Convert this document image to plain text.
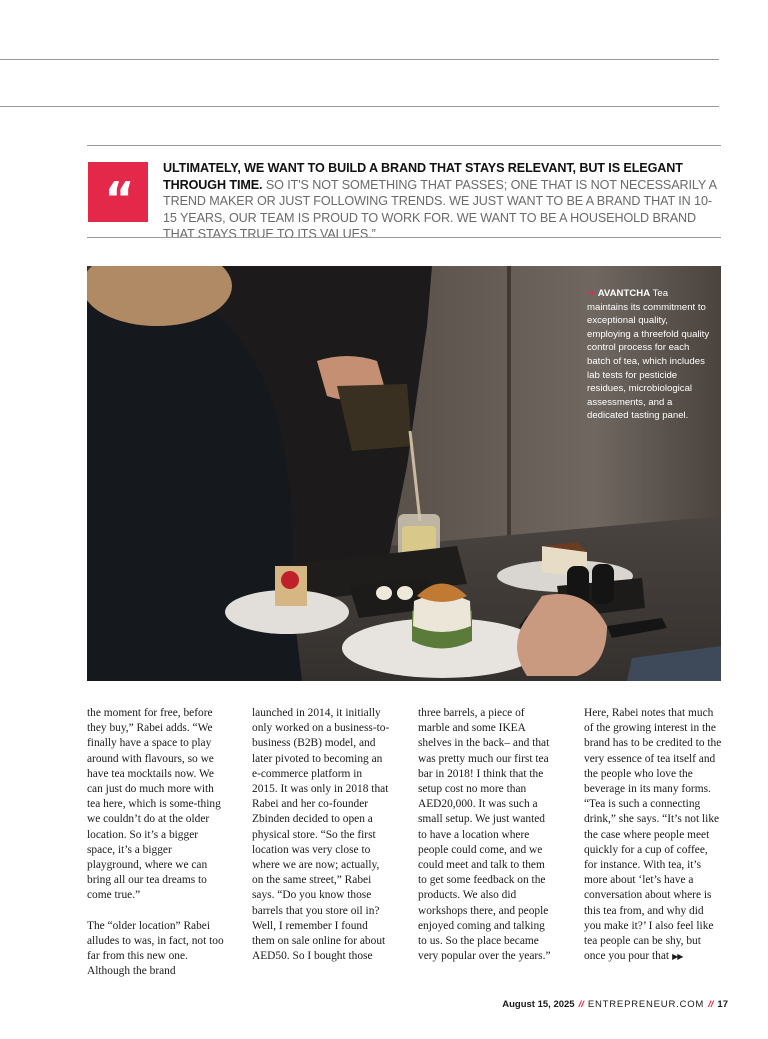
“
ULTIMATELY, WE WANT TO BUILD A BRAND THAT STAYS RELEVANT, BUT IS ELEGANT THROUGH TIME. SO IT'S NOT SOMETHING THAT PASSES; ONE THAT IS NOT NECESSARILY A TREND MAKER OR JUST FOLLOWING TRENDS. WE JUST WANT TO BE A BRAND THAT IN 10-15 YEARS, OUR TEAM IS PROUD TO WORK FOR. WE WANT TO BE A HOUSEHOLD BRAND THAT STAYS TRUE TO ITS VALUES.”
➔ AVANTCHA Tea maintains its commitment to exceptional quality, employing a threefold quality control process for each batch of tea, which includes lab tests for pesticide residues, microbiological assessments, and a dedicated tasting panel.

the moment for free, before they buy,” Rabei adds. “We finally have a space to play around with flavours, so we have tea mocktails now. We can just do much more with tea here, which is some-thing we couldn’t do at the older location. So it’s a bigger space, it’s a bigger playground, where we can bring all our tea dreams to come true.”

The “older location” Rabei alludes to was, in fact, not too far from this new one. Although the brand

launched in 2014, it initially only worked on a business-to-business (B2B) model, and later pivoted to becoming an e-commerce platform in 2015. It was only in 2018 that Rabei and her co-founder Zbinden decided to open a physical store. “So the first location was very close to where we are now; actually, on the same street,” Rabei says. “Do you know those barrels that you store oil in? Well, I remember I found them on sale online for about AED50. So I bought those

three barrels, a piece of marble and some IKEA shelves in the back– and that was pretty much our first tea bar in 2018! I think that the setup cost no more than AED20,000. It was such a small setup. We just wanted to have a location where people could come, and we could meet and talk to them to get some feedback on the products. We also did workshops there, and people enjoyed coming and talking to us. So the place became very popular over the years.”

Here, Rabei notes that much of the growing interest in the brand has to be credited to the very essence of tea itself and the people who love the beverage in its many forms. “Tea is such a connecting drink,” she says. “It’s not like the case where people meet quickly for a cup of coffee, for instance. With tea, it’s more about ‘let’s have a conversation about where is this tea from, and why did you make it?’ I also feel like tea people can be shy, but once you pour that ▶▶

August 15, 2025 // ENTREPRENEUR.COM // 17
